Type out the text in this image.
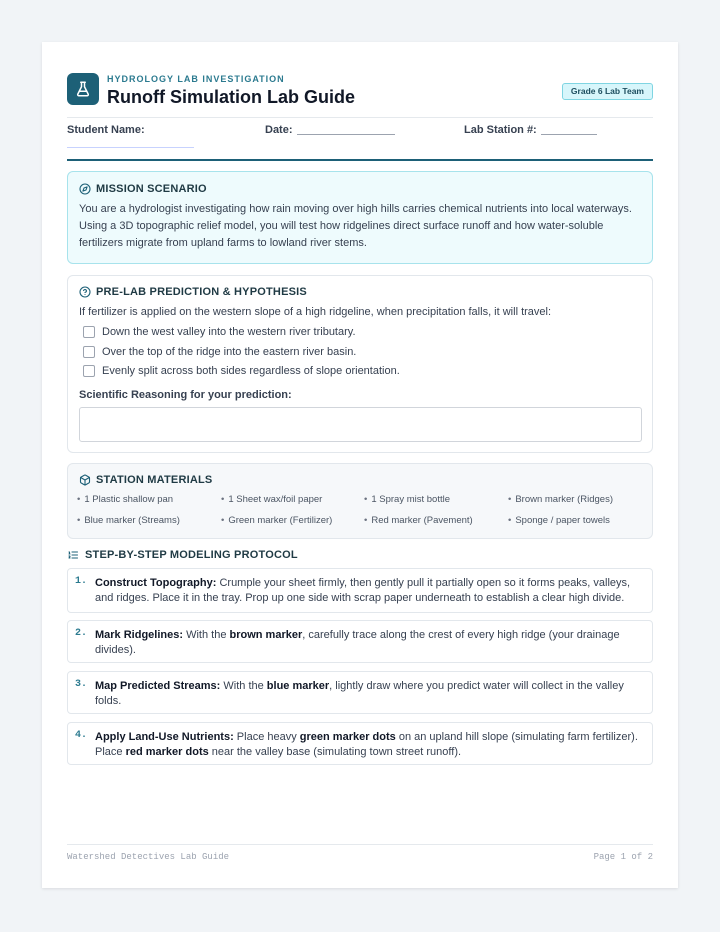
HYDROLOGY LAB INVESTIGATION
Runoff Simulation Lab Guide	Grade 6 Lab Team
Student Name:	Date:	Lab Station #:
MISSION SCENARIO
You are a hydrologist investigating how rain moving over high hills carries chemical nutrients into local waterways. Using a 3D topographic relief model, you will test how ridgelines direct surface runoff and how water-soluble fertilizers migrate from upland farms to lowland river stems.
PRE-LAB PREDICTION & HYPOTHESIS
If fertilizer is applied on the western slope of a high ridgeline, when precipitation falls, it will travel:
Down the west valley into the western river tributary.
Over the top of the ridge into the eastern river basin.
Evenly split across both sides regardless of slope orientation.
Scientific Reasoning for your prediction:
STATION MATERIALS
• 1 Plastic shallow pan	• 1 Sheet wax/foil paper	• 1 Spray mist bottle	• Brown marker (Ridges)
• Blue marker (Streams)	• Green marker (Fertilizer)	• Red marker (Pavement)	• Sponge / paper towels
STEP-BY-STEP MODELING PROTOCOL
1. Construct Topography: Crumple your sheet firmly, then gently pull it partially open so it forms peaks, valleys, and ridges. Place it in the tray. Prop up one side with scrap paper underneath to establish a clear high divide.
2. Mark Ridgelines: With the brown marker, carefully trace along the crest of every high ridge (your drainage divides).
3. Map Predicted Streams: With the blue marker, lightly draw where you predict water will collect in the valley folds.
4. Apply Land-Use Nutrients: Place heavy green marker dots on an upland hill slope (simulating farm fertilizer). Place red marker dots near the valley base (simulating town street runoff).
Watershed Detectives Lab Guide	Page 1 of 2
